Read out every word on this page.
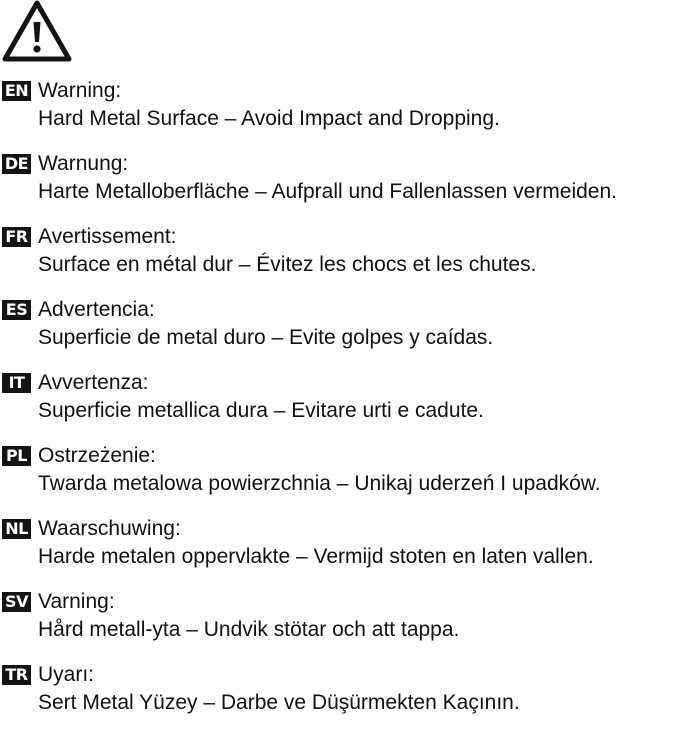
EN Warning:
Hard Metal Surface – Avoid Impact and Dropping.
DE Warnung:
Harte Metalloberfläche – Aufprall und Fallenlassen vermeiden.
FR Avertissement:
Surface en métal dur – Évitez les chocs et les chutes.
ES Advertencia:
Superficie de metal duro – Evite golpes y caídas.
IT Avvertenza:
Superficie metallica dura – Evitare urti e cadute.
PL Ostrzeżenie:
Twarda metalowa powierzchnia – Unikaj uderzeń I upadków.
NL Waarschuwing:
Harde metalen oppervlakte – Vermijd stoten en laten vallen.
SV Varning:
Hård metall-yta – Undvik stötar och att tappa.
TR Uyarı:
Sert Metal Yüzey – Darbe ve Düşürmekten Kaçının.
